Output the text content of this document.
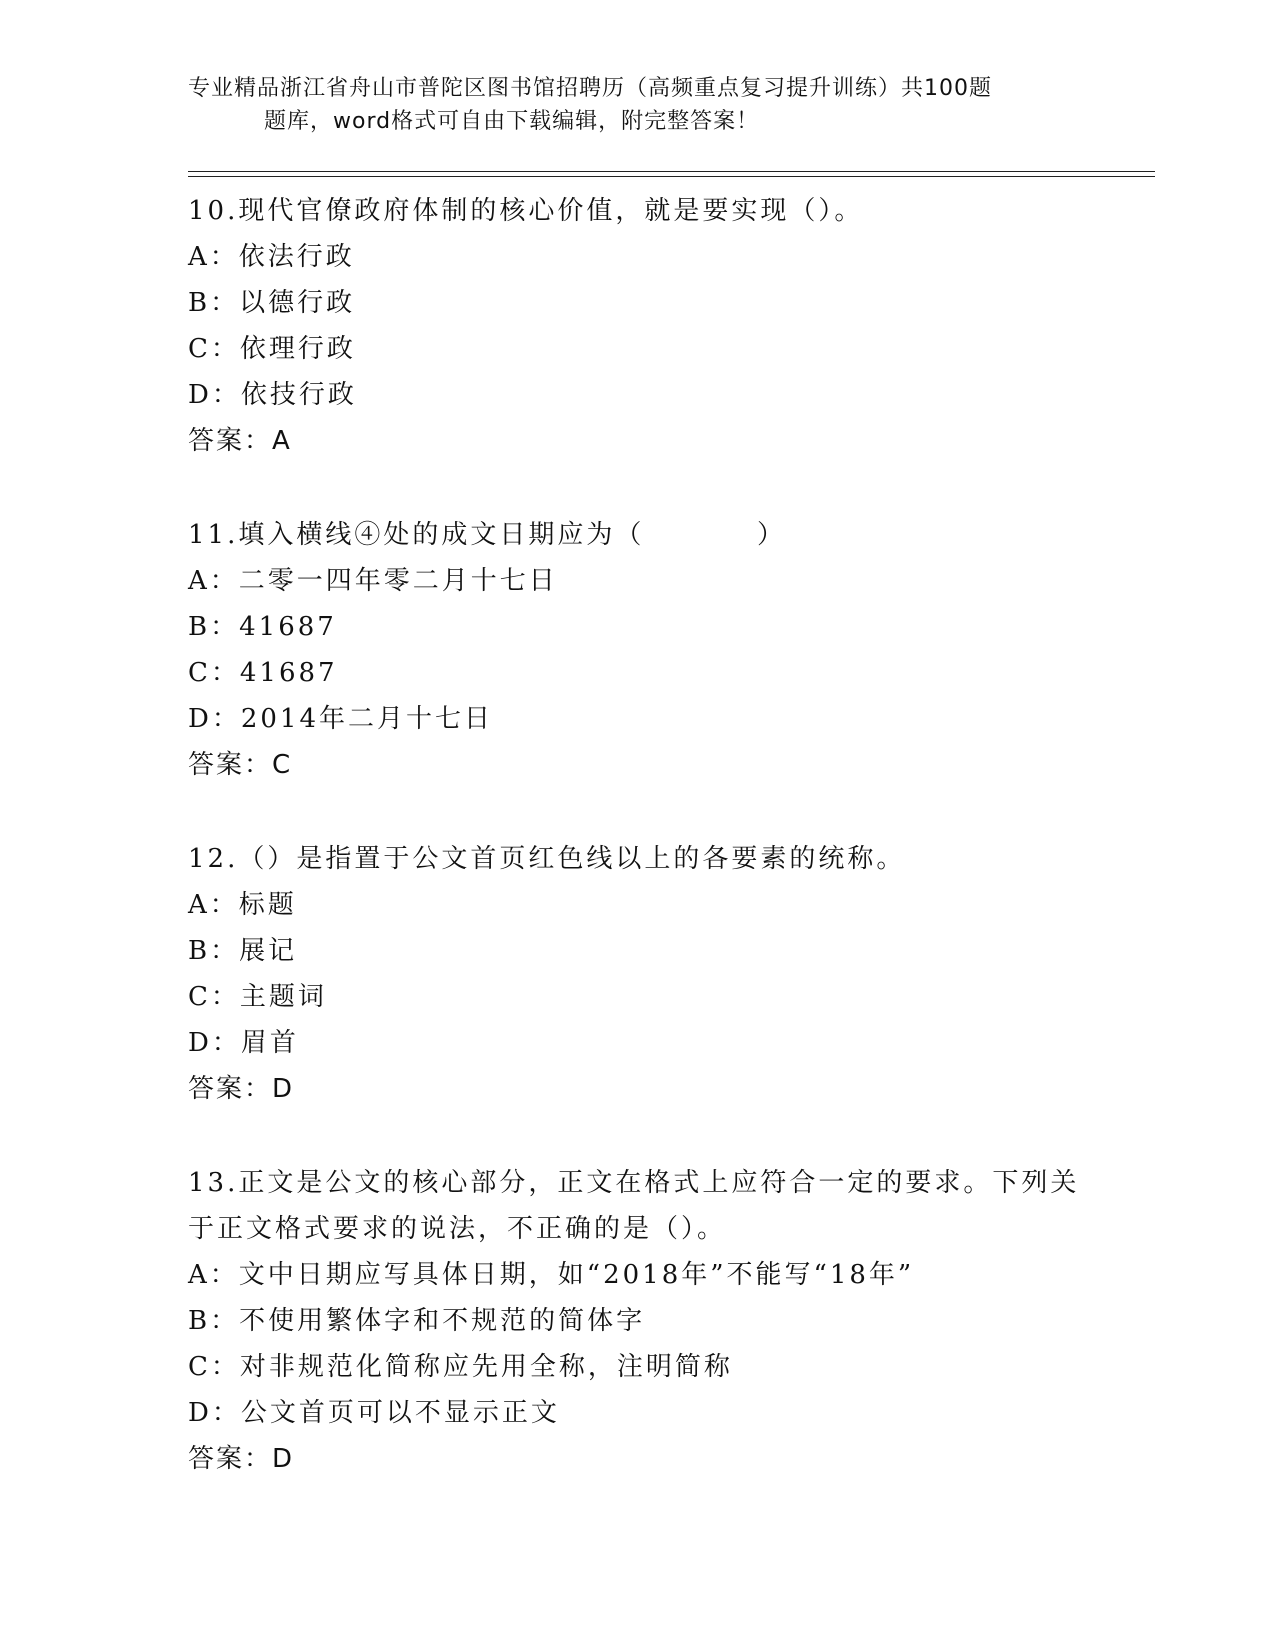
专业精品浙江省舟山市普陀区图书馆招聘历（高频重点复习提升训练）共100题
题库，word格式可自由下载编辑，附完整答案！
10.现代官僚政府体制的核心价值，就是要实现（）。
A：依法行政
B：以德行政
C：依理行政
D：依技行政
答案：A
11.填入横线④处的成文日期应为（          ）
A：二零一四年零二月十七日
B：41687
C：41687
D：2014年二月十七日
答案：C
12.（）是指置于公文首页红色线以上的各要素的统称。
A：标题
B：展记
C：主题词
D：眉首
答案：D
13.正文是公文的核心部分，正文在格式上应符合一定的要求。下列关
于正文格式要求的说法，不正确的是（）。
A：文中日期应写具体日期，如“2018年”不能写“18年”
B：不使用繁体字和不规范的简体字
C：对非规范化简称应先用全称，注明简称
D：公文首页可以不显示正文
答案：D
